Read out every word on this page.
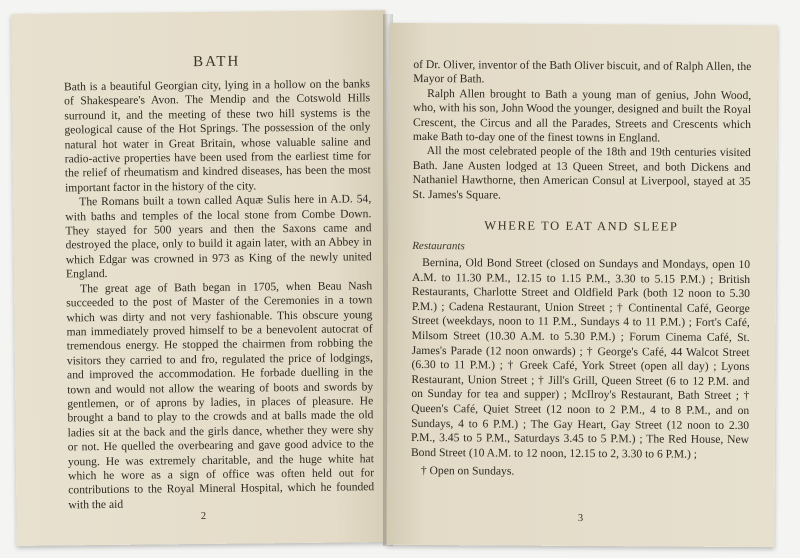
BATH

Bath is a beautiful Georgian city, lying in a hollow on the banks of Shakespeare's Avon. The Mendip and the Cotswold Hills surround it, and the meeting of these two hill systems is the geological cause of the Hot Springs. The possession of the only natural hot water in Great Britain, whose valuable saline and radio-active properties have been used from the earliest time for the relief of rheumatism and kindred diseases, has been the most important factor in the history of the city.

The Romans built a town called Aquæ Sulis here in A.D. 54, with baths and temples of the local stone from Combe Down. They stayed for 500 years and then the Saxons came and destroyed the place, only to build it again later, with an Abbey in which Edgar was crowned in 973 as King of the newly united England.

The great age of Bath began in 1705, when Beau Nash succeeded to the post of Master of the Ceremonies in a town which was dirty and not very fashionable. This obscure young man immediately proved himself to be a benevolent autocrat of tremendous energy. He stopped the chairmen from robbing the visitors they carried to and fro, regulated the price of lodgings, and improved the accommodation. He forbade duelling in the town and would not allow the wearing of boots and swords by gentlemen, or of aprons by ladies, in places of pleasure. He brought a band to play to the crowds and at balls made the old ladies sit at the back and the girls dance, whether they were shy or not. He quelled the overbearing and gave good advice to the young. He was extremely charitable, and the huge white hat which he wore as a sign of office was often held out for contributions to the Royal Mineral Hospital, which he founded with the aid

2

of Dr. Oliver, inventor of the Bath Oliver biscuit, and of Ralph Allen, the Mayor of Bath.

Ralph Allen brought to Bath a young man of genius, John Wood, who, with his son, John Wood the younger, designed and built the Royal Crescent, the Circus and all the Parades, Streets and Crescents which make Bath to-day one of the finest towns in England.

All the most celebrated people of the 18th and 19th centuries visited Bath. Jane Austen lodged at 13 Queen Street, and both Dickens and Nathaniel Hawthorne, then American Consul at Liverpool, stayed at 35 St. James's Square.

WHERE TO EAT AND SLEEP
Restaurants

Bernina, Old Bond Street (closed on Sundays and Mondays, open 10 A.M. to 11.30 P.M., 12.15 to 1.15 P.M., 3.30 to 5.15 P.M.) ; British Restaurants, Charlotte Street and Oldfield Park (both 12 noon to 5.30 P.M.) ; Cadena Restaurant, Union Street ; † Continental Café, George Street (weekdays, noon to 11 P.M., Sundays 4 to 11 P.M.) ; Fort's Café, Milsom Street (10.30 A.M. to 5.30 P.M.) ; Forum Cinema Café, St. James's Parade (12 noon onwards) ; † George's Café, 44 Walcot Street (6.30 to 11 P.M.) ; † Greek Café, York Street (open all day) ; Lyons Restaurant, Union Street ; † Jill's Grill, Queen Street (6 to 12 P.M. and on Sunday for tea and supper) ; McIlroy's Restaurant, Bath Street ; † Queen's Café, Quiet Street (12 noon to 2 P.M., 4 to 8 P.M., and on Sundays, 4 to 6 P.M.) ; The Gay Heart, Gay Street (12 noon to 2.30 P.M., 3.45 to 5 P.M., Saturdays 3.45 to 5 P.M.) ; The Red House, New Bond Street (10 A.M. to 12 noon, 12.15 to 2, 3.30 to 6 P.M.) ;

† Open on Sundays.

3
